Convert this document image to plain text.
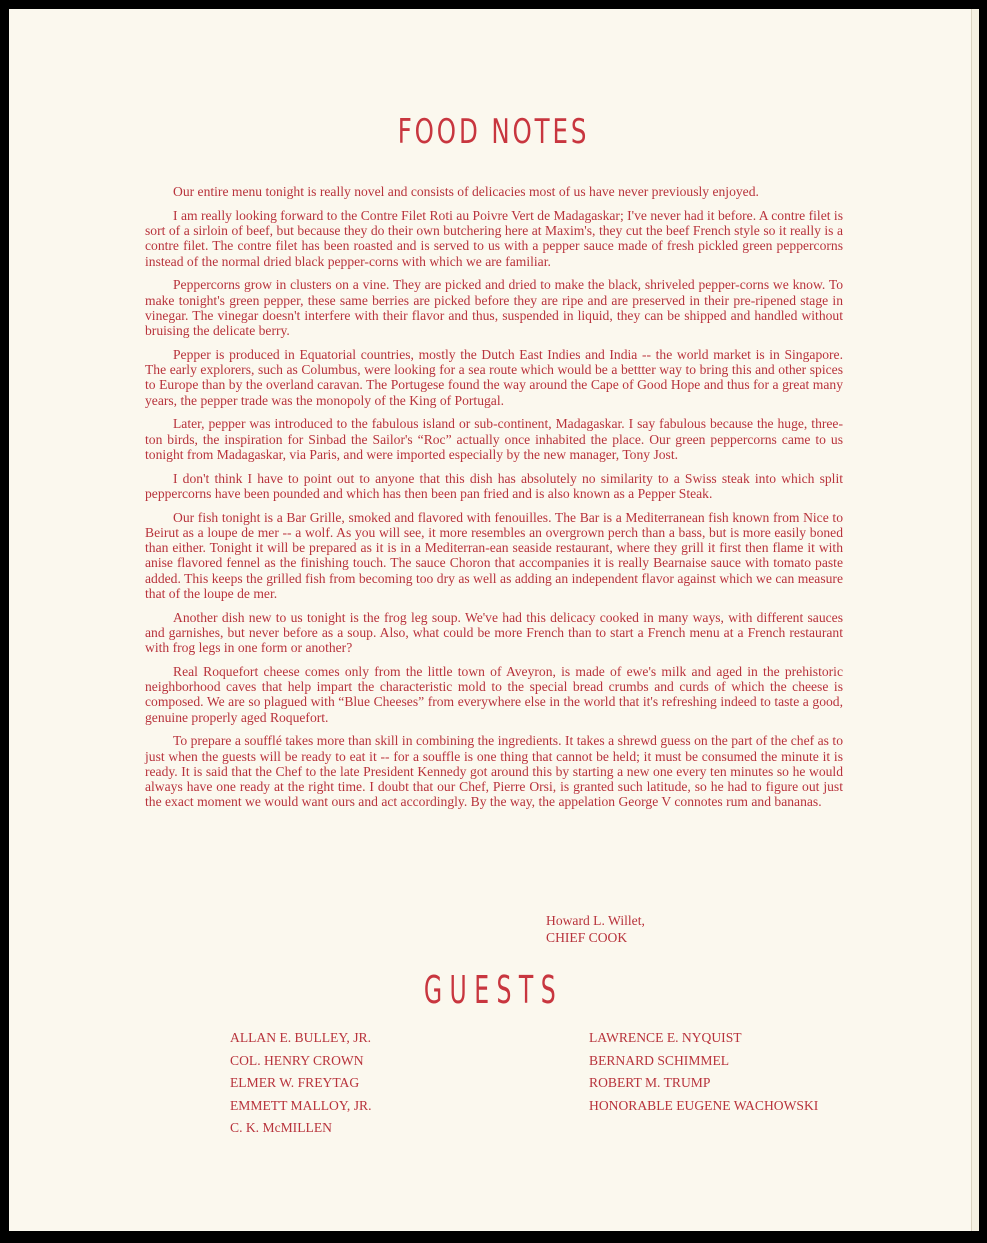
FOOD NOTES

Our entire menu tonight is really novel and consists of delicacies most of us have never previously enjoyed.

I am really looking forward to the Contre Filet Roti au Poivre Vert de Madagaskar; I've never had it before. A contre filet is sort of a sirloin of beef, but because they do their own butchering here at Maxim's, they cut the beef French style so it really is a contre filet. The contre filet has been roasted and is served to us with a pepper sauce made of fresh pickled green peppercorns instead of the normal dried black pepper-corns with which we are familiar.

Peppercorns grow in clusters on a vine. They are picked and dried to make the black, shriveled pepper-corns we know. To make tonight's green pepper, these same berries are picked before they are ripe and are preserved in their pre-ripened stage in vinegar. The vinegar doesn't interfere with their flavor and thus, suspended in liquid, they can be shipped and handled without bruising the delicate berry.

Pepper is produced in Equatorial countries, mostly the Dutch East Indies and India -- the world market is in Singapore. The early explorers, such as Columbus, were looking for a sea route which would be a bettter way to bring this and other spices to Europe than by the overland caravan. The Portugese found the way around the Cape of Good Hope and thus for a great many years, the pepper trade was the monopoly of the King of Portugal.

Later, pepper was introduced to the fabulous island or sub-continent, Madagaskar. I say fabulous because the huge, three-ton birds, the inspiration for Sinbad the Sailor's “Roc” actually once inhabited the place. Our green peppercorns came to us tonight from Madagaskar, via Paris, and were imported especially by the new manager, Tony Jost.

I don't think I have to point out to anyone that this dish has absolutely no similarity to a Swiss steak into which split peppercorns have been pounded and which has then been pan fried and is also known as a Pepper Steak.

Our fish tonight is a Bar Grille, smoked and flavored with fenouilles. The Bar is a Mediterranean fish known from Nice to Beirut as a loupe de mer -- a wolf. As you will see, it more resembles an overgrown perch than a bass, but is more easily boned than either. Tonight it will be prepared as it is in a Mediterran-ean seaside restaurant, where they grill it first then flame it with anise flavored fennel as the finishing touch. The sauce Choron that accompanies it is really Bearnaise sauce with tomato paste added. This keeps the grilled fish from becoming too dry as well as adding an independent flavor against which we can measure that of the loupe de mer.

Another dish new to us tonight is the frog leg soup. We've had this delicacy cooked in many ways, with different sauces and garnishes, but never before as a soup. Also, what could be more French than to start a French menu at a French restaurant with frog legs in one form or another?

Real Roquefort cheese comes only from the little town of Aveyron, is made of ewe's milk and aged in the prehistoric neighborhood caves that help impart the characteristic mold to the special bread crumbs and curds of which the cheese is composed. We are so plagued with “Blue Cheeses” from everywhere else in the world that it's refreshing indeed to taste a good, genuine properly aged Roquefort.

To prepare a soufflé takes more than skill in combining the ingredients. It takes a shrewd guess on the part of the chef as to just when the guests will be ready to eat it -- for a souffle is one thing that cannot be held; it must be consumed the minute it is ready. It is said that the Chef to the late President Kennedy got around this by starting a new one every ten minutes so he would always have one ready at the right time. I doubt that our Chef, Pierre Orsi, is granted such latitude, so he had to figure out just the exact moment we would want ours and act accordingly. By the way, the appelation George V connotes rum and bananas.

Howard L. Willet,
CHIEF COOK
GUESTS
ALLAN E. BULLEY, JR.
COL. HENRY CROWN
ELMER W. FREYTAG
EMMETT MALLOY, JR.
C. K. McMILLEN
LAWRENCE E. NYQUIST
BERNARD SCHIMMEL
ROBERT M. TRUMP
HONORABLE EUGENE WACHOWSKI
